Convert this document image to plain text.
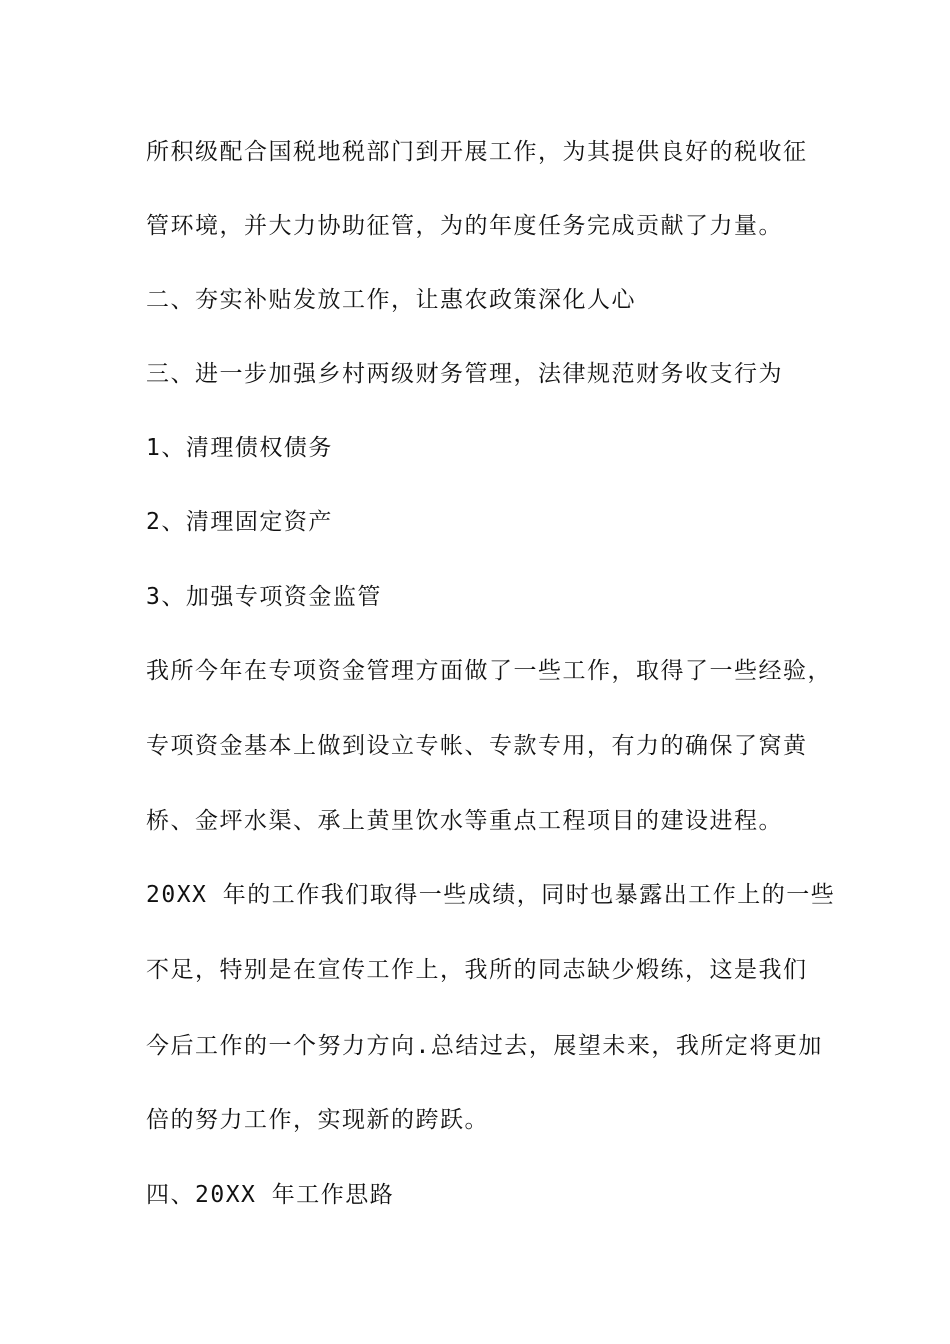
所积级配合国税地税部门到开展工作，为其提供良好的税收征
管环境，并大力协助征管，为的年度任务完成贡献了力量。
二、夯实补贴发放工作，让惠农政策深化人心
三、进一步加强乡村两级财务管理，法律规范财务收支行为
1、清理债权债务
2、清理固定资产
3、加强专项资金监管
我所今年在专项资金管理方面做了一些工作，取得了一些经验，
专项资金基本上做到设立专帐、专款专用，有力的确保了窝黄
桥、金坪水渠、承上黄里饮水等重点工程项目的建设进程。
20XX 年的工作我们取得一些成绩，同时也暴露出工作上的一些
不足，特别是在宣传工作上，我所的同志缺少煅练，这是我们
今后工作的一个努力方向.总结过去，展望未来，我所定将更加
倍的努力工作，实现新的跨跃。
四、20XX 年工作思路
